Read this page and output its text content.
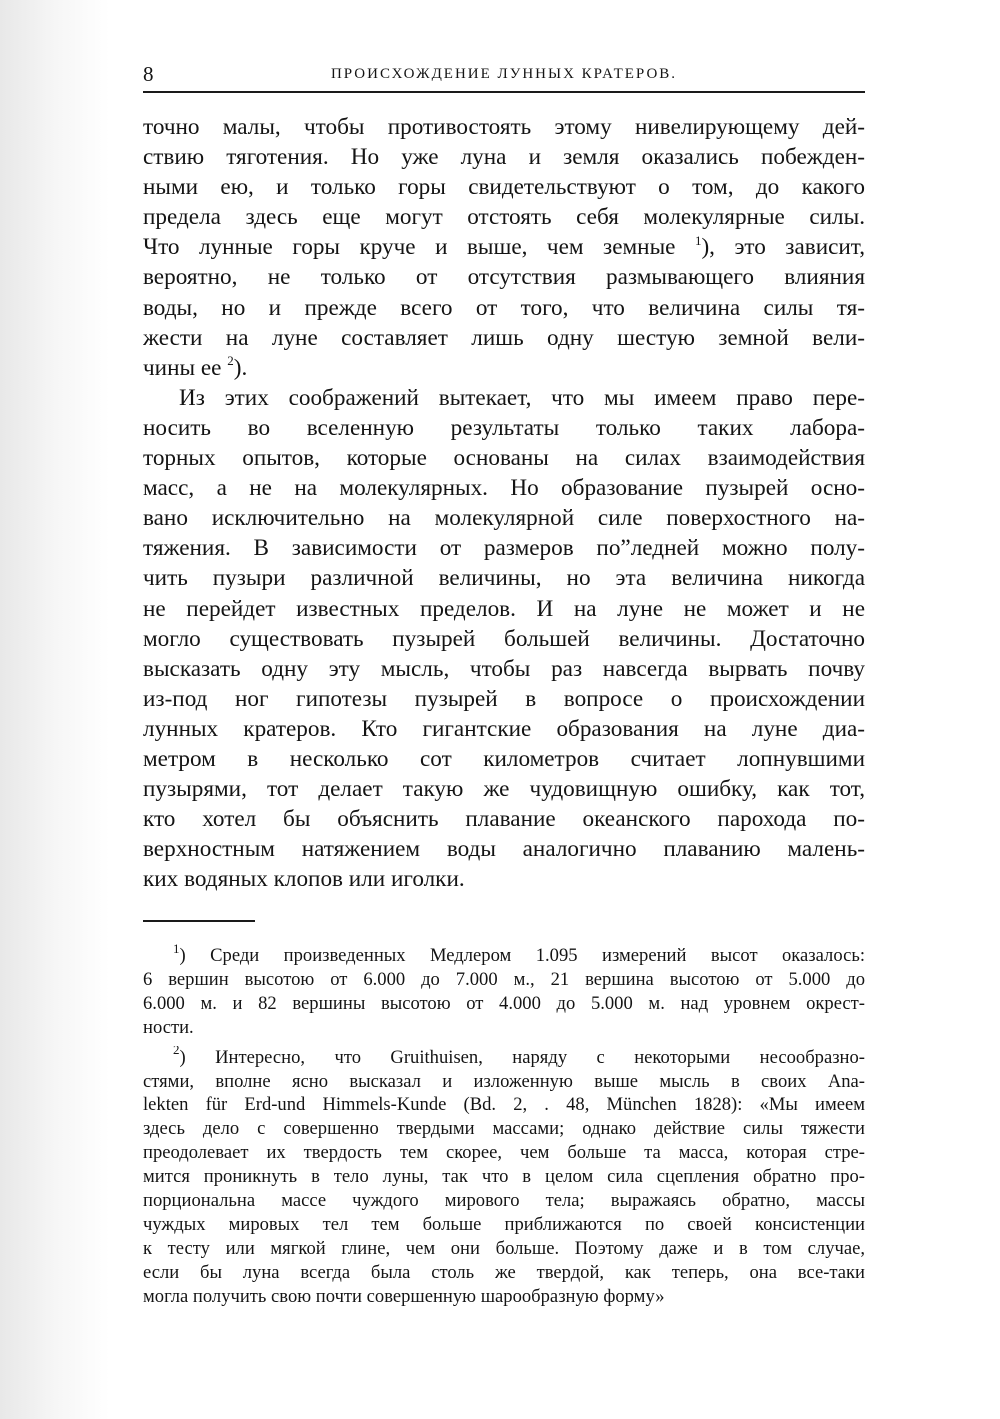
8	ПРОИСХОЖДЕНИЕ ЛУННЫХ КРАТЕРОВ.

точно малы, чтобы противостоять этому нивелирующему дей-
ствию тяготения. Но уже луна и земля оказались побежден-
ными ею, и только горы свидетельствуют о том, до какого
предела здесь еще могут отстоять себя молекулярные силы.
Что лунные горы круче и выше, чем земные $^1$), это зависит,
вероятно, не только от отсутствия размывающего влияния
воды, но и прежде всего от того, что величина силы тя-
жести на луне составляет лишь одну шестую земной вели-
чины ее $^2$).

Из этих соображений вытекает, что мы имеем право пере-
носить во вселенную результаты только таких лабора-
торных опытов, которые основаны на силах взаимодействия
масс, а не на молекулярных. Но образование пузырей осно-
вано исключительно на молекулярной силе поверхостного на-
тяжения. В зависимости от размеров по”ледней можно полу-
чить пузыри различной величины, но эта величина никогда
не перейдет известных пределов. И на луне не может и не
могло существовать пузырей большей величины. Достаточно
высказать одну эту мысль, чтобы раз навсегда вырвать почву
из-под ног гипотезы пузырей в вопросе о происхождении
лунных кратеров. Кто гигантские образования на луне диа-
метром в несколько сот километров считает лопнувшими
пузырями, тот делает такую же чудовищную ошибку, как тот,
кто хотел бы объяснить плавание океанского парохода по-
верхностным натяжением воды аналогично плаванию малень-
ких водяных клопов или иголки.

$^1$) Среди произведенных Медлером 1.095 измерений высот оказалось:
6 вершин высотою от 6.000 до 7.000 м., 21 вершина высотою от 5.000 до
6.000 м. и 82 вершины высотою от 4.000 до 5.000 м. над уровнем окрест-
ности.

$^2$) Интересно, что Gruithuisen, наряду с некоторыми несообразно-
стями, вполне ясно высказал и изложенную выше мысль в своих Ana-
lekten für Erd-und Himmels-Kunde (Bd. 2, . 48, München 1828): «Мы имеем
здесь дело с совершенно твердыми массами; однако действие силы тяжести
преодолевает их твердость тем скорее, чем больше та масса, которая стре-
мится проникнуть в тело луны, так что в целом сила сцепления обратно про-
порциональна массе чуждого мирового тела; выражаясь обратно, массы
чуждых мировых тел тем больше приближаются по своей консистенции
к тесту или мягкой глине, чем они больше. Поэтому даже и в том случае,
если бы луна всегда была столь же твердой, как теперь, она все-таки
могла получить свою почти совершенную шарообразную форму»
